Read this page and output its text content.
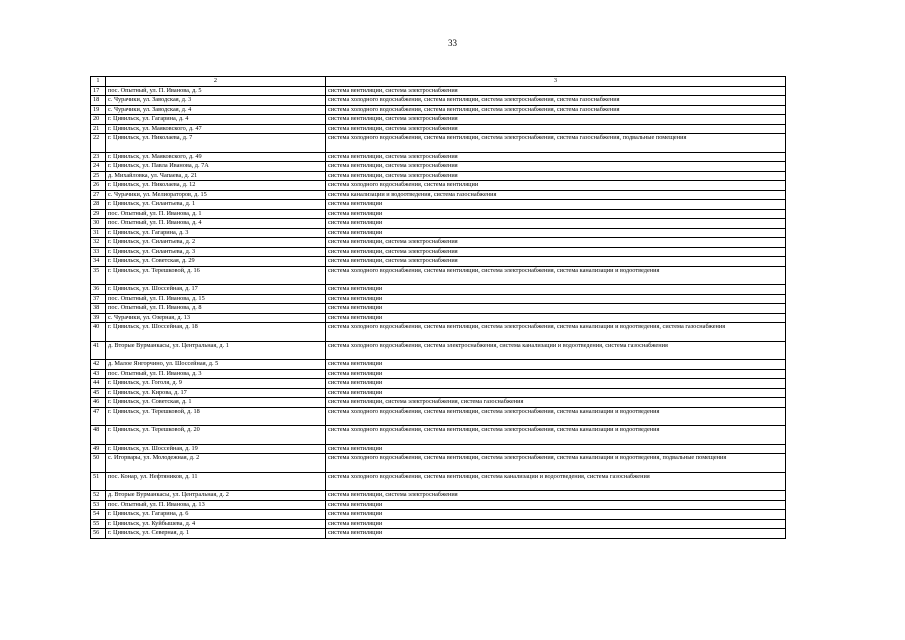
33
1	2	3
17	пос. Опытный, ул. П. Иванова, д. 5	система вентиляции, система электроснабжения
18	с. Чурачики, ул. Заводская, д. 3	система холодного водоснабжения, система вентиляции, система электроснабжения, система газоснабжения
19	с. Чурачики, ул. Заводская, д. 4	система холодного водоснабжения, система вентиляции, система электроснабжения, система газоснабжения
20	г. Цивильск, ул. Гагарина, д. 4	система вентиляции, система электроснабжения
21	г. Цивильск, ул. Маяковского, д. 47	система вентиляции, система электроснабжения
22	г. Цивильск, ул. Николаева, д. 7	система холодного водоснабжения, система вентиляции, система электроснабжения, система газоснабжения, подвальные помещения
23	г. Цивильск, ул. Маяковского, д. 49	система вентиляции, система электроснабжения
24	г. Цивильск, ул. Павла Иванова, д. 7А	система вентиляции, система электроснабжения
25	д. Михайловка, ул. Чапаева, д. 21	система вентиляции, система электроснабжения
26	г. Цивильск, ул. Николаева, д. 12	система холодного водоснабжения, система вентиляции
27	с. Чурачики, ул. Мелиораторов, д. 15	система канализации и водоотведения, система газоснабжения
28	г. Цивильск, ул. Силантьева, д. 1	система вентиляции
29	пос. Опытный, ул. П. Иванова, д. 1	система вентиляции
30	пос. Опытный, ул. П. Иванова, д. 4	система вентиляции
31	г. Цивильск, ул. Гагарина, д. 3	система вентиляции
32	г. Цивильск, ул. Силантьева, д. 2	система вентиляции, система электроснабжения
33	г. Цивильск, ул. Силантьева, д. 3	система вентиляции, система электроснабжения
34	г. Цивильск, ул. Советская, д. 29	система вентиляции, система электроснабжения
35	г. Цивильск, ул. Терешковой, д. 16	система холодного водоснабжения, система вентиляции, система электроснабжения, система канализации и водоотведения
36	г. Цивильск, ул. Шоссейная, д. 17	система вентиляции
37	пос. Опытный, ул. П. Иванова, д. 15	система вентиляции
38	пос. Опытный, ул. П. Иванова, д. 8	система вентиляции
39	с. Чурачики, ул. Озерная, д. 13	система вентиляции
40	г. Цивильск, ул. Шоссейная, д. 18	система холодного водоснабжения, система вентиляции, система электроснабжения, система канализации и водоотведения, система газоснабжения
41	д. Вторые Вурманкасы, ул. Центральная, д. 1	система холодного водоснабжения, система электроснабжения, система канализации и водоотведения, система газоснабжения
42	д. Малое Янгорчино, ул. Шоссейная, д. 5	система вентиляции
43	пос. Опытный, ул. П. Иванова, д. 3	система вентиляции
44	г. Цивильск, ул. Гоголя, д. 9	система вентиляции
45	г. Цивильск, ул. Кирова, д. 17	система вентиляции
46	г. Цивильск, ул. Советская, д. 1	система вентиляции, система электроснабжения, система газоснабжения
47	г. Цивильск, ул. Терешковой, д. 18	система холодного водоснабжения, система вентиляции, система электроснабжения, система канализации и водоотведения
48	г. Цивильск, ул. Терешковой, д. 20	система холодного водоснабжения, система вентиляции, система электроснабжения, система канализации и водоотведения
49	г. Цивильск, ул. Шоссейная, д. 19	система вентиляции
50	с. Игорвары, ул. Молодежная, д. 2	система холодного водоснабжения, система вентиляции, система электроснабжения, система канализации и водоотведения, подвальные помещения
51	пос. Конар, ул. Нефтяников, д. 11	система холодного водоснабжения, система вентиляции, система канализации и водоотведения, система газоснабжения
52	д. Вторые Вурманкасы, ул. Центральная, д. 2	система вентиляции, система электроснабжения
53	пос. Опытный, ул. П. Иванова, д. 13	система вентиляции
54	г. Цивильск, ул. Гагарина, д. 6	система вентиляции
55	г. Цивильск, ул. Куйбышева, д. 4	система вентиляции
56	г. Цивильск, ул. Северная, д. 1	система вентиляции
